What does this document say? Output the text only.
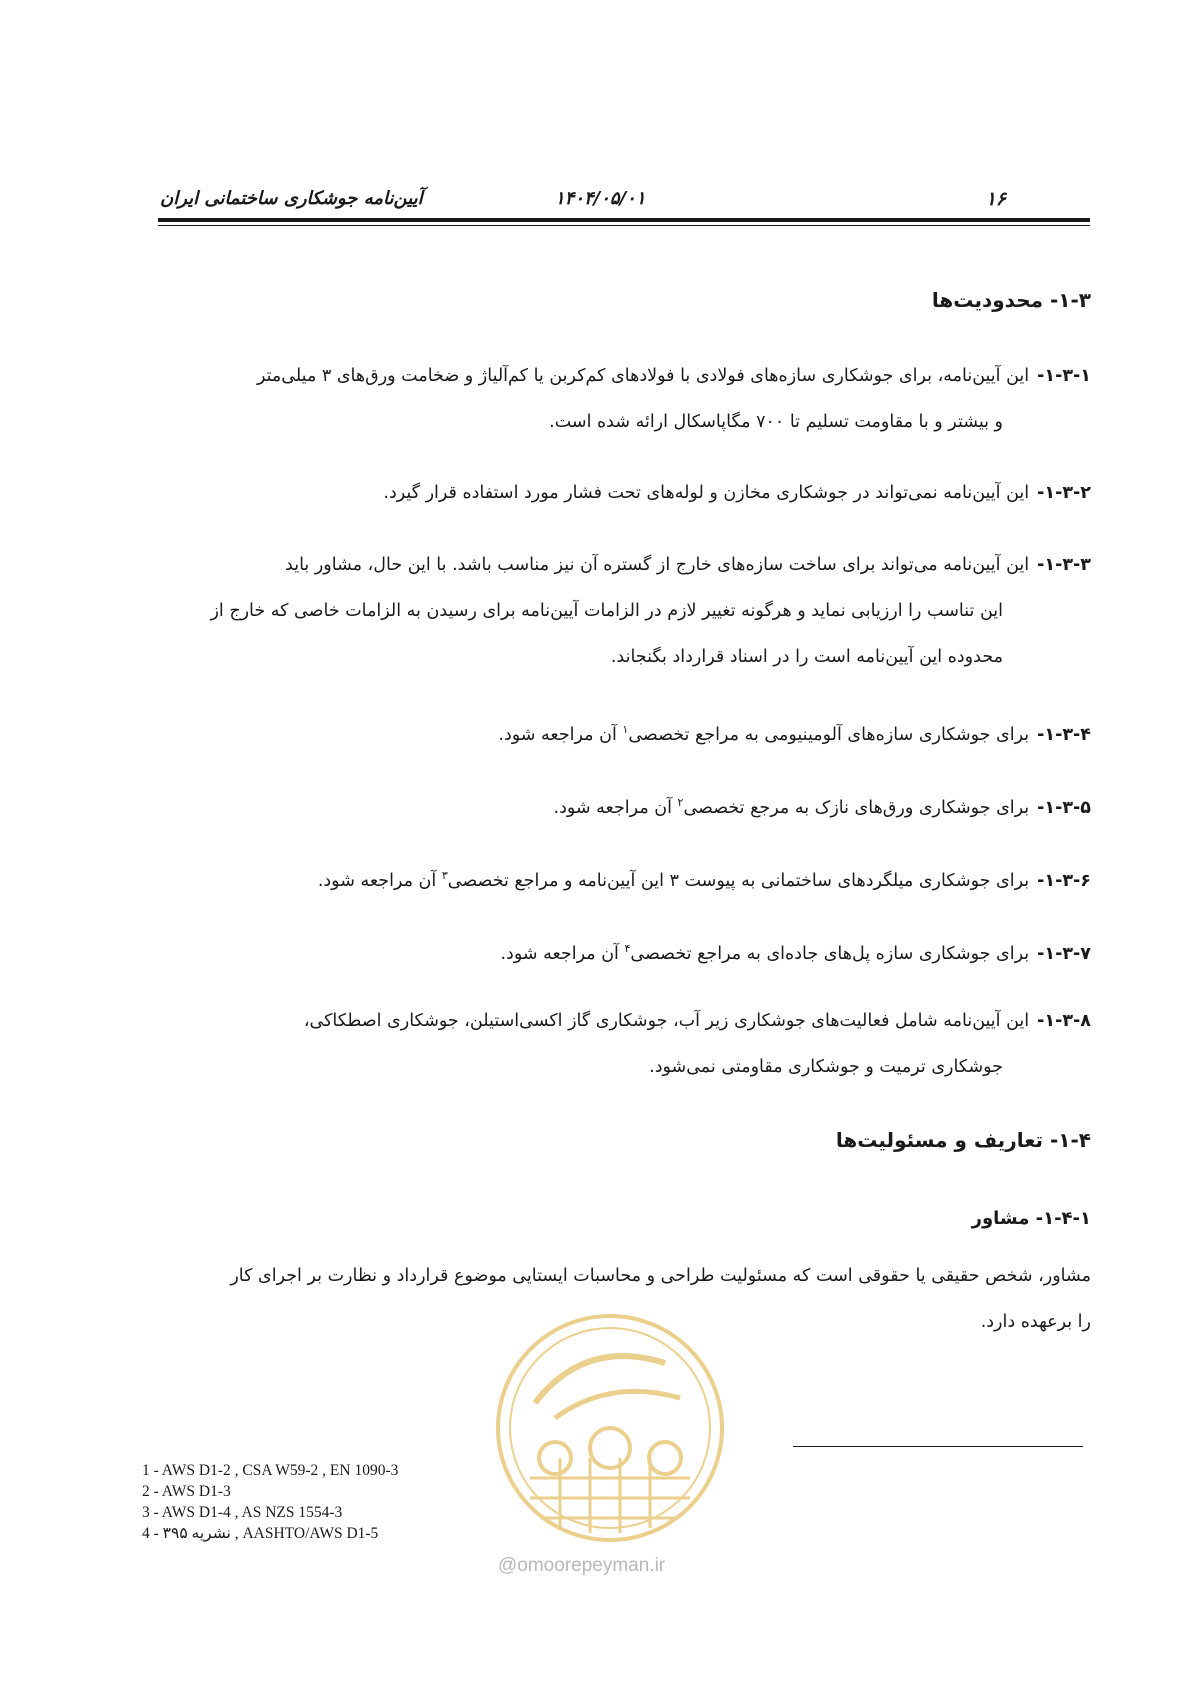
۱۶
۱۴۰۴/۰۵/۰۱
آیین‌نامه جوشکاری ساختمانی ایران
۱-۳- محدودیت‌ها
۱-۳-۱-این آیین‌نامه، برای جوشکاری سازه‌های فولادی با فولادهای کم‌کربن یا کم‌آلیاژ و ضخامت ورق‌های ۳ میلی‌متر
و بیشتر و با مقاومت تسلیم تا ۷۰۰ مگاپاسکال ارائه شده است.
۱-۳-۲-این آیین‌نامه نمی‌تواند در جوشکاری مخازن و لوله‌های تحت فشار مورد استفاده قرار گیرد.
۱-۳-۳-این آیین‌نامه می‌تواند برای ساخت سازه‌های خارج از گستره آن نیز مناسب باشد. با این حال، مشاور باید
این تناسب را ارزیابی نماید و هرگونه تغییر لازم در الزامات آیین‌نامه برای رسیدن به الزامات خاصی که خارج از
محدوده این آیین‌نامه است را در اسناد قرارداد بگنجاند.
۱-۳-۴-برای جوشکاری سازه‌های آلومینیومی به مراجع تخصصی$^۱$ آن مراجعه شود.
۱-۳-۵-برای جوشکاری ورق‌های نازک به مرجع تخصصی$^۲$ آن مراجعه شود.
۱-۳-۶-برای جوشکاری میلگردهای ساختمانی به پیوست ۳ این آیین‌نامه و مراجع تخصصی$^۳$ آن مراجعه شود.
۱-۳-۷-برای جوشکاری سازه پل‌های جاده‌ای به مراجع تخصصی$^۴$ آن مراجعه شود.
۱-۳-۸-این آیین‌نامه شامل فعالیت‌های جوشکاری زیر آب، جوشکاری گاز اکسی‌استیلن، جوشکاری اصطکاکی،
جوشکاری ترمیت و جوشکاری مقاومتی نمی‌شود.
۱-۴- تعاریف و مسئولیت‌ها
۱-۴-۱- مشاور
مشاور، شخص حقیقی یا حقوقی است که مسئولیت طراحی و محاسبات ایستایی موضوع قرارداد و نظارت بر اجرای کار
را برعهده دارد.
@omoorepeyman.ir
1 - AWS D1-2 , CSA W59-2 , EN 1090-3
2 - AWS D1-3
3 - AWS D1-4 , AS NZS 1554-3
4 - نشریه ۳۹۵ , AASHTO/AWS D1-5
